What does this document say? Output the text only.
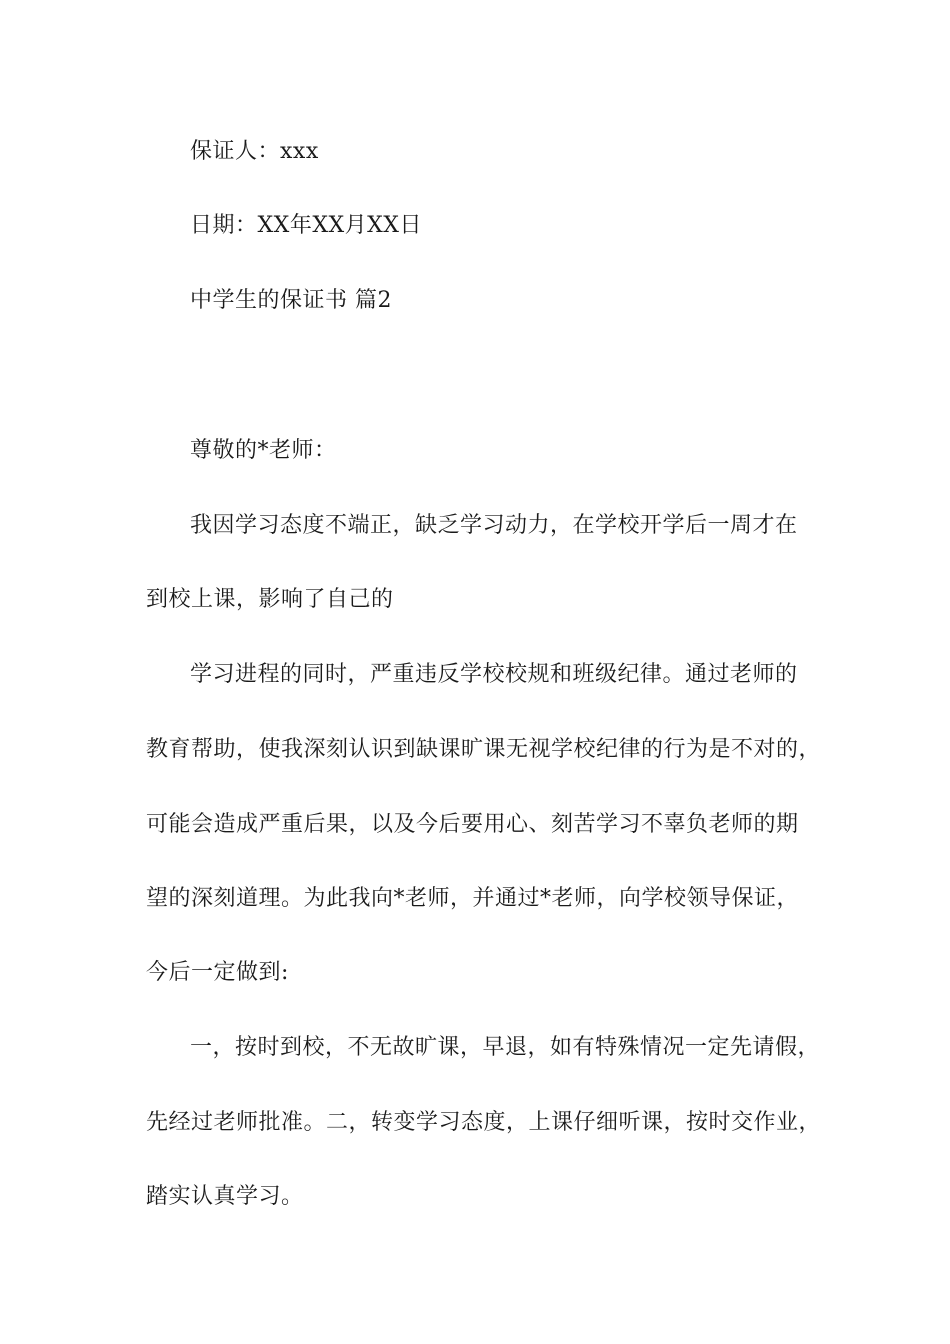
保证人：xxx
日期：XX年XX月XX日
中学生的保证书 篇2
尊敬的*老师：
我因学习态度不端正，缺乏学习动力，在学校开学后一周才在
到校上课，影响了自己的
学习进程的同时，严重违反学校校规和班级纪律。通过老师的
教育帮助，使我深刻认识到缺课旷课无视学校纪律的行为是不对的，
可能会造成严重后果，以及今后要用心、刻苦学习不辜负老师的期
望的深刻道理。为此我向*老师，并通过*老师，向学校领导保证，
今后一定做到:
一，按时到校，不无故旷课，早退，如有特殊情况一定先请假，
先经过老师批准。二，转变学习态度，上课仔细听课，按时交作业，
踏实认真学习。
